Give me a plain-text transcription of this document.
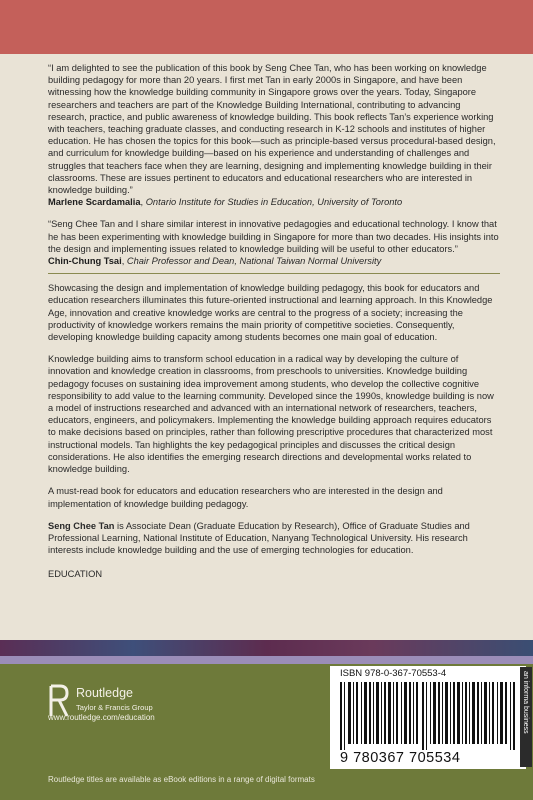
“I am delighted to see the publication of this book by Seng Chee Tan, who has been working on knowledge building pedagogy for more than 20 years. I first met Tan in early 2000s in Singapore, and have been witnessing how the knowledge building community in Singapore grows over the years. Today, Singapore researchers and teachers are part of the Knowledge Building International, contributing to advancing research, practice, and public awareness of knowledge building. This book reflects Tan’s experience working with teachers, teaching graduate classes, and conducting research in K-12 schools and institutes of higher education. He has chosen the topics for this book—such as principle-based versus procedural-based design, and curriculum for knowledge building—based on his experience and understanding of challenges and struggles that teachers face when they are learning, designing and implementing knowledge building in their classrooms. These are issues pertinent to educators and educational researchers who are interested in knowledge building.”
Marlene Scardamalia, Ontario Institute for Studies in Education, University of Toronto

“Seng Chee Tan and I share similar interest in innovative pedagogies and educational technology. I know that he has been experimenting with knowledge building in Singapore for more than two decades. His insights into the design and implementing issues related to knowledge building will be useful to other educators.”
Chin-Chung Tsai, Chair Professor and Dean, National Taiwan Normal University

Showcasing the design and implementation of knowledge building pedagogy, this book for educators and education researchers illuminates this future-oriented instructional and learning approach. In this Knowledge Age, innovation and creative knowledge works are central to the progress of a society; increasing the productivity of knowledge workers remains the main priority of competitive societies. Consequently, developing knowledge building capacity among students becomes one main goal of education.

Knowledge building aims to transform school education in a radical way by developing the culture of innovation and knowledge creation in classrooms, from preschools to universities. Knowledge building pedagogy focuses on sustaining idea improvement among students, who develop the collective cognitive responsibility to add value to the learning community. Developed since the 1990s, knowledge building is now a model of instructions researched and advanced with an international network of researchers, teachers, educators, engineers, and policymakers. Implementing the knowledge building approach requires educators to make decisions based on principles, rather than following prescriptive procedures that characterized most instructional models. Tan highlights the key pedagogical principles and discusses the critical design considerations. He also identifies the emerging research directions and developmental works related to knowledge building.

A must-read book for educators and education researchers who are interested in the design and implementation of knowledge building pedagogy.

Seng Chee Tan is Associate Dean (Graduate Education by Research), Office of Graduate Studies and Professional Learning, National Institute of Education, Nanyang Technological University. His research interests include knowledge building and the use of emerging technologies for education.

EDUCATION

Routledge
Taylor & Francis Group
www.routledge.com/education
ISBN 978-0-367-70553-4
9 780367 705534
an informa business
Routledge titles are available as eBook editions in a range of digital formats
